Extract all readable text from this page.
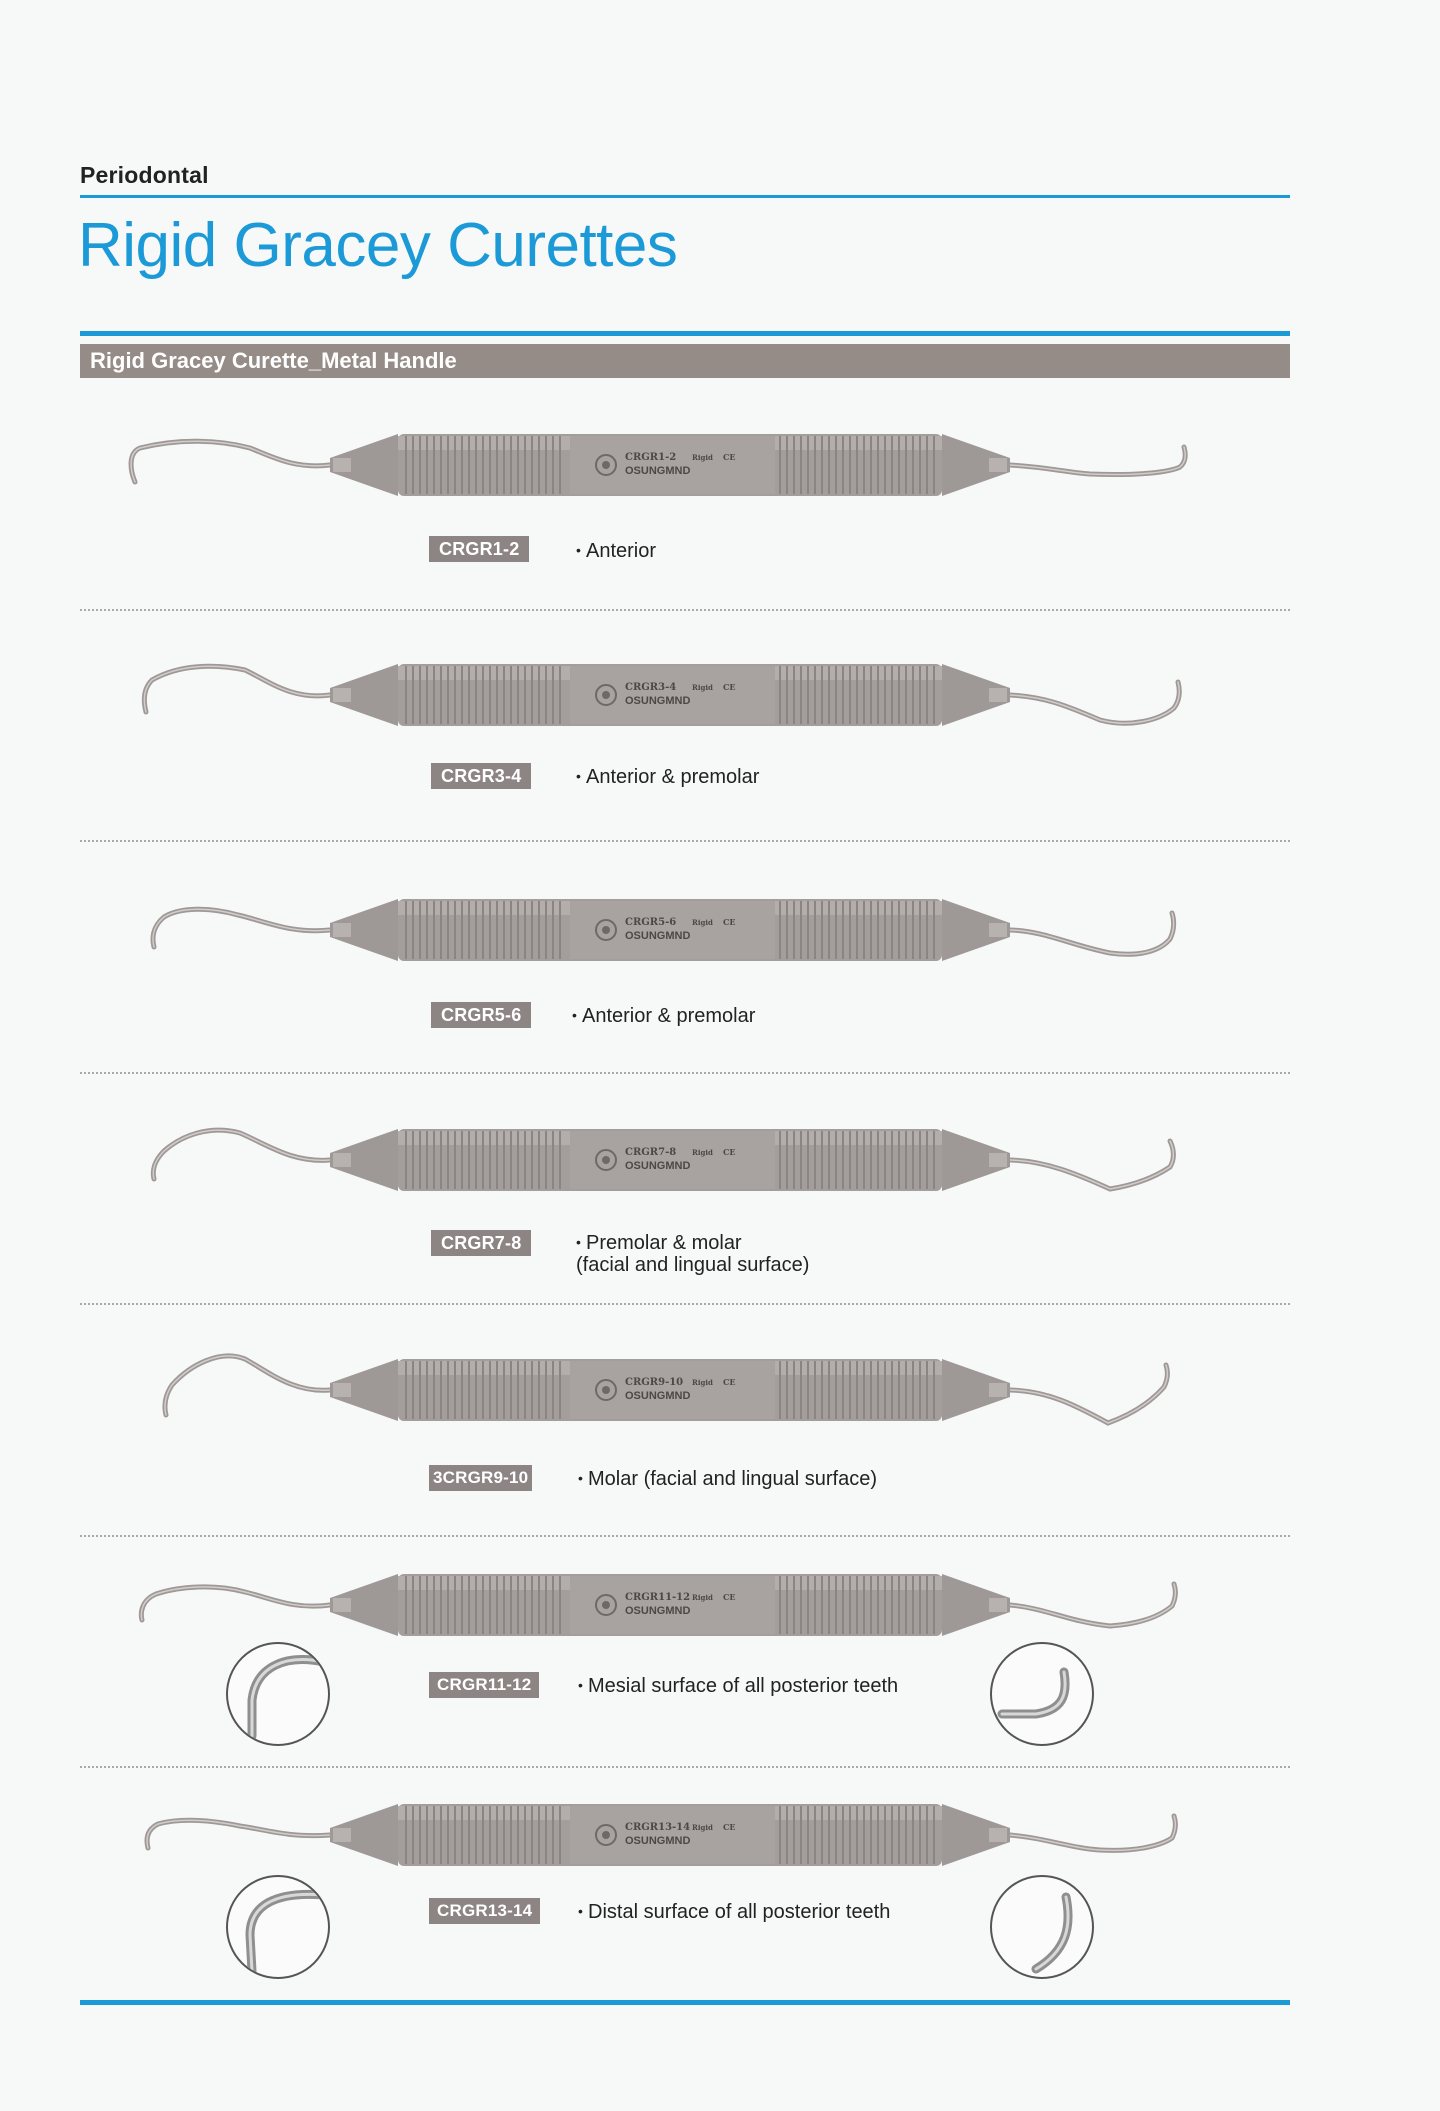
Periodontal
Rigid Gracey Curettes
Rigid Gracey Curette_Metal Handle
CRGR1-2 Rigid CE
OSUNGMND
CRGR1-2	• Anterior
CRGR3-4 Rigid CE
OSUNGMND
CRGR3-4	• Anterior & premolar
CRGR5-6 Rigid CE
OSUNGMND
CRGR5-6	• Anterior & premolar
CRGR7-8 Rigid CE
OSUNGMND
CRGR7-8	• Premolar & molar
(facial and lingual surface)
CRGR9-10 Rigid CE
OSUNGMND
3CRGR9-10	• Molar (facial and lingual surface)
CRGR11-12 Rigid CE
OSUNGMND
CRGR11-12	• Mesial surface of all posterior teeth
CRGR13-14 Rigid CE
OSUNGMND
CRGR13-14	• Distal surface of all posterior teeth
